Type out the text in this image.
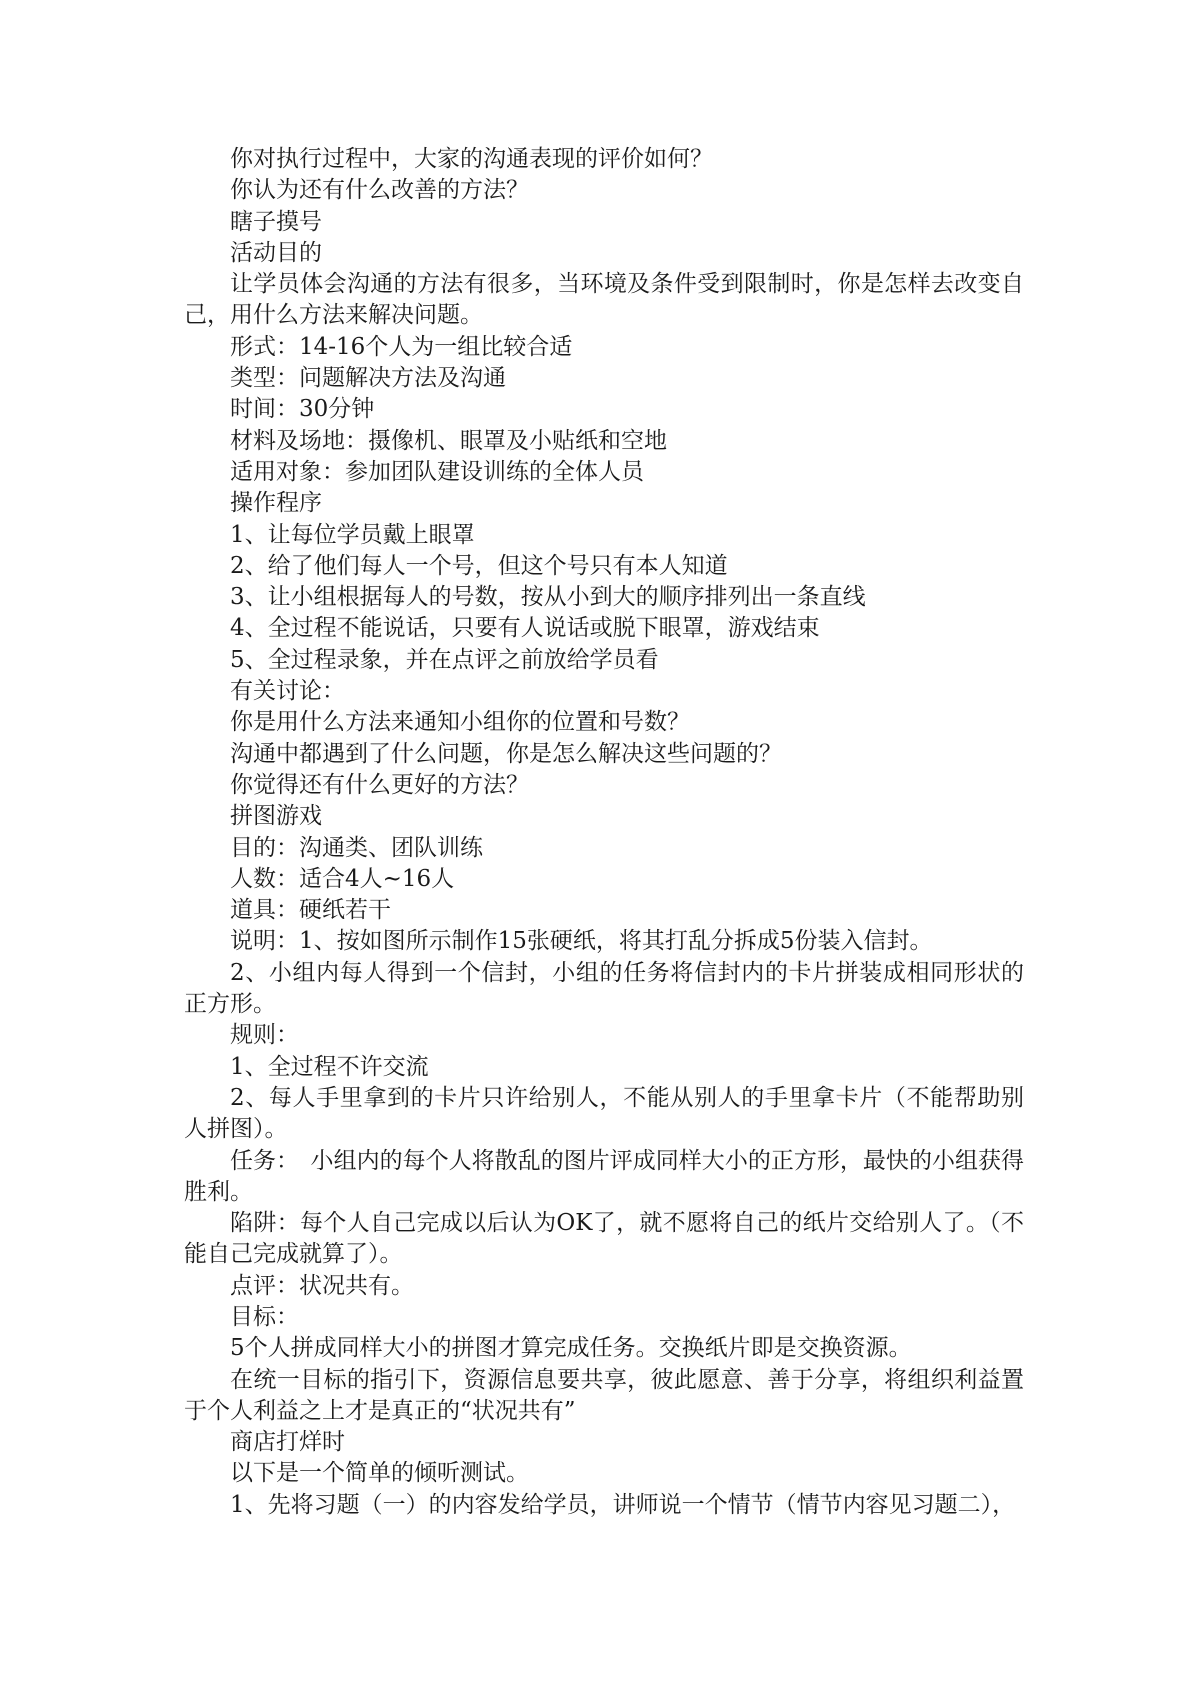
你对执行过程中，大家的沟通表现的评价如何？

你认为还有什么改善的方法？

瞎子摸号

活动目的

让学员体会沟通的方法有很多，当环境及条件受到限制时，你是怎样去改变自己，用什么方法来解决问题。

形式：14-16个人为一组比较合适

类型：问题解决方法及沟通

时间：30分钟

材料及场地：摄像机、眼罩及小贴纸和空地

适用对象：参加团队建设训练的全体人员

操作程序

1、让每位学员戴上眼罩

2、给了他们每人一个号，但这个号只有本人知道

3、让小组根据每人的号数，按从小到大的顺序排列出一条直线

4、全过程不能说话，只要有人说话或脱下眼罩，游戏结束

5、全过程录象，并在点评之前放给学员看

有关讨论：

你是用什么方法来通知小组你的位置和号数？

沟通中都遇到了什么问题，你是怎么解决这些问题的？

你觉得还有什么更好的方法？

拼图游戏

目的：沟通类、团队训练

人数：适合4人~16人

道具：硬纸若干

说明：1、按如图所示制作15张硬纸，将其打乱分拆成5份装入信封。

2、小组内每人得到一个信封，小组的任务将信封内的卡片拼装成相同形状的正方形。

规则：

1、全过程不许交流

2、每人手里拿到的卡片只许给别人，不能从别人的手里拿卡片（不能帮助别人拼图）。

任务：　小组内的每个人将散乱的图片评成同样大小的正方形，最快的小组获得胜利。

陷阱：每个人自己完成以后认为OK了，就不愿将自己的纸片交给别人了。（不能自己完成就算了）。

点评：状况共有。

目标：

5个人拼成同样大小的拼图才算完成任务。交换纸片即是交换资源。

在统一目标的指引下，资源信息要共享，彼此愿意、善于分享，将组织利益置于个人利益之上才是真正的“状况共有”

商店打烊时

以下是一个简单的倾听测试。

1、先将习题（一）的内容发给学员，讲师说一个情节（情节内容见习题二），
